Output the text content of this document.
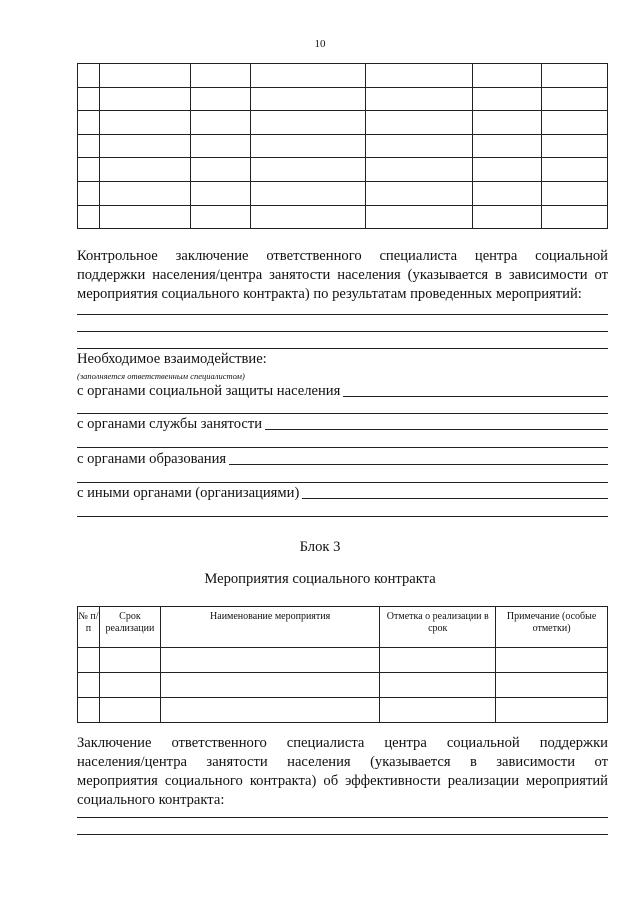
10

Контрольное заключение ответственного специалиста центра социальной
поддержки населения/центра занятости населения (указывается в зависимости от
мероприятия социального контракта) по результатам проведенных мероприятий:
Необходимое взаимодействие:
(заполняется ответственным специалистом)
с органами социальной защиты населения
с органами службы занятости
с органами образования
с иными органами (организациями)
Блок 3
Мероприятия социального контракта
№ п/п	Срок реализации	Наименование мероприятия	Отметка о реализации в срок	Примечание (особые отметки)

Заключение ответственного специалиста центра социальной поддержки
населения/центра занятости населения (указывается в зависимости от
мероприятия социального контракта) об эффективности реализации мероприятий
социального контракта:
